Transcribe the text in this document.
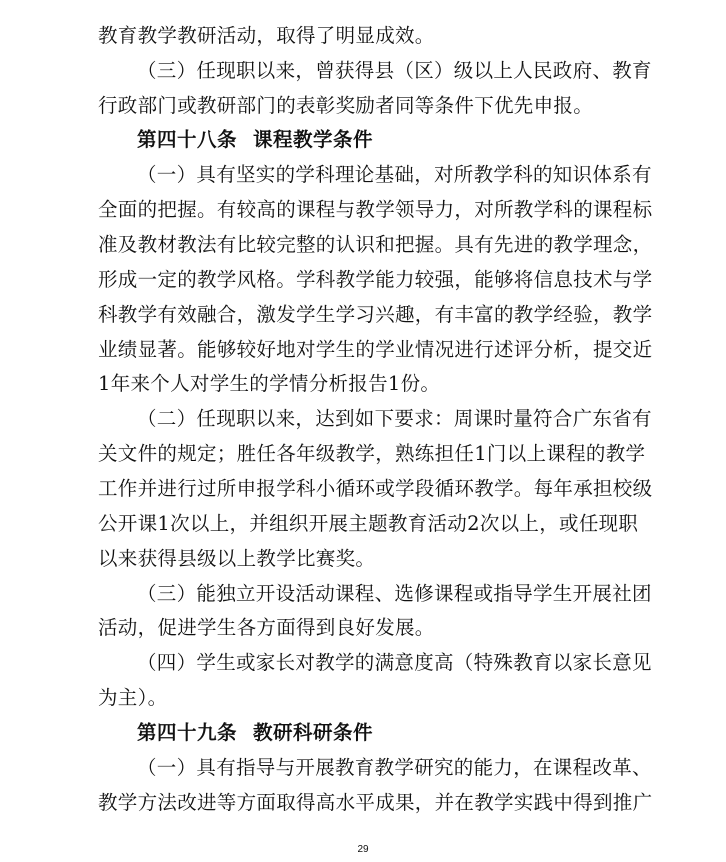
教育教学教研活动，取得了明显成效。
（三）任现职以来，曾获得县（区）级以上人民政府、教育
行政部门或教研部门的表彰奖励者同等条件下优先申报。
第四十八条 课程教学条件
（一）具有坚实的学科理论基础，对所教学科的知识体系有
全面的把握。有较高的课程与教学领导力，对所教学科的课程标
准及教材教法有比较完整的认识和把握。具有先进的教学理念，
形成一定的教学风格。学科教学能力较强，能够将信息技术与学
科教学有效融合，激发学生学习兴趣，有丰富的教学经验，教学
业绩显著。能够较好地对学生的学业情况进行述评分析，提交近
1年来个人对学生的学情分析报告1份。
（二）任现职以来，达到如下要求：周课时量符合广东省有
关文件的规定；胜任各年级教学，熟练担任1门以上课程的教学
工作并进行过所申报学科小循环或学段循环教学。每年承担校级
公开课1次以上，并组织开展主题教育活动2次以上，或任现职
以来获得县级以上教学比赛奖。
（三）能独立开设活动课程、选修课程或指导学生开展社团
活动，促进学生各方面得到良好发展。
（四）学生或家长对教学的满意度高（特殊教育以家长意见
为主）。
第四十九条 教研科研条件
（一）具有指导与开展教育教学研究的能力，在课程改革、
教学方法改进等方面取得高水平成果，并在教学实践中得到推广
29
